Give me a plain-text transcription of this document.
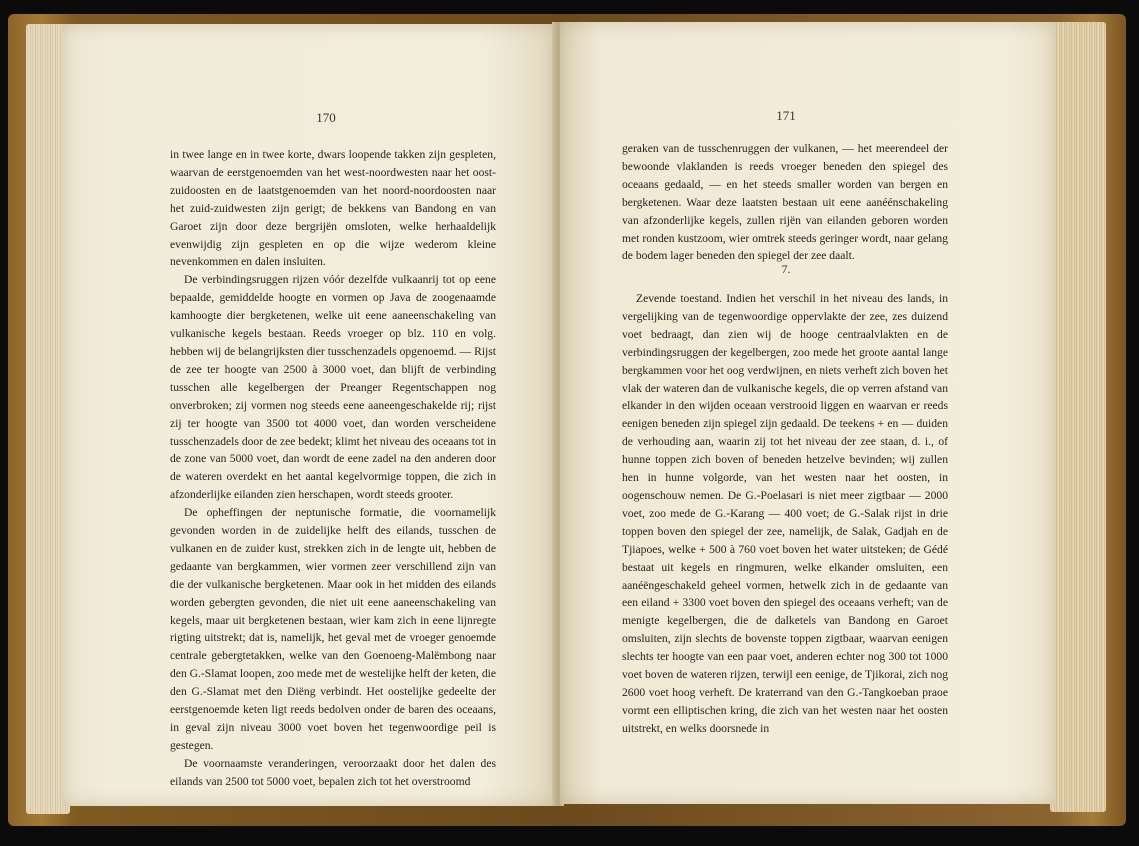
170

in twee lange en in twee korte, dwars loopende takken zijn gespleten, waarvan de eerstgenoemden van het west-noordwesten naar het oost-zuidoosten en de laatstgenoemden van het noord-noordoosten naar het zuid-zuidwesten zijn gerigt; de bekkens van Bandong en van Garoet zijn door deze bergrijën omsloten, welke herhaaldelijk evenwijdig zijn gespleten en op die wijze wederom kleine nevenkommen en dalen insluiten.

De verbindingsruggen rijzen vóór dezelfde vulkaanrij tot op eene bepaalde, gemiddelde hoogte en vormen op Java de zoogenaamde kamhoogte dier bergketenen, welke uit eene aaneenschakeling van vulkanische kegels bestaan. Reeds vroeger op blz. 110 en volg. hebben wij de belangrijksten dier tusschenzadels opgenoemd. — Rijst de zee ter hoogte van 2500 à 3000 voet, dan blijft de verbinding tusschen alle kegelbergen der Preanger Regentschappen nog onverbroken; zij vormen nog steeds eene aaneengeschakelde rij; rijst zij ter hoogte van 3500 tot 4000 voet, dan worden verscheidene tusschenzadels door de zee bedekt; klimt het niveau des oceaans tot in de zone van 5000 voet, dan wordt de eene zadel na den anderen door de wateren overdekt en het aantal kegelvormige toppen, die zich in afzonderlijke eilanden zien herschapen, wordt steeds grooter.

De opheffingen der neptunische formatie, die voornamelijk gevonden worden in de zuidelijke helft des eilands, tusschen de vulkanen en de zuider kust, strekken zich in de lengte uit, hebben de gedaante van bergkammen, wier vormen zeer verschillend zijn van die der vulkanische bergketenen. Maar ook in het midden des eilands worden gebergten gevonden, die niet uit eene aaneenschakeling van kegels, maar uit bergketenen bestaan, wier kam zich in eene lijnregte rigting uitstrekt; dat is, namelijk, het geval met de vroeger genoemde centrale gebergtetakken, welke van den Goenoeng-Malëmbong naar den G.-Slamat loopen, zoo mede met de westelijke helft der keten, die den G.-Slamat met den Diëng verbindt. Het oostelijke gedeelte der eerstgenoemde keten ligt reeds bedolven onder de baren des oceaans, in geval zijn niveau 3000 voet boven het tegenwoordige peil is gestegen.

De voornaamste veranderingen, veroorzaakt door het dalen des eilands van 2500 tot 5000 voet, bepalen zich tot het overstroomd

171

geraken van de tusschenruggen der vulkanen, — het meerendeel der bewoonde vlaklanden is reeds vroeger beneden den spiegel des oceaans gedaald, — en het steeds smaller worden van bergen en bergketenen. Waar deze laatsten bestaan uit eene aanéénschakeling van afzonderlijke kegels, zullen rijën van eilanden geboren worden met ronden kustzoom, wier omtrek steeds geringer wordt, naar gelang de bodem lager beneden den spiegel der zee daalt.

7.

Zevende toestand. Indien het verschil in het niveau des lands, in vergelijking van de tegenwoordige oppervlakte der zee, zes duizend voet bedraagt, dan zien wij de hooge centraalvlakten en de verbindingsruggen der kegelbergen, zoo mede het groote aantal lange bergkammen voor het oog verdwijnen, en niets verheft zich boven het vlak der wateren dan de vulkanische kegels, die op verren afstand van elkander in den wijden oceaan verstrooid liggen en waarvan er reeds eenigen beneden zijn spiegel zijn gedaald. De teekens + en — duiden de verhouding aan, waarin zij tot het niveau der zee staan, d. i., of hunne toppen zich boven of beneden hetzelve bevinden; wij zullen hen in hunne volgorde, van het westen naar het oosten, in oogenschouw nemen. De G.-Poelasari is niet meer zigtbaar — 2000 voet, zoo mede de G.-Karang — 400 voet; de G.-Salak rijst in drie toppen boven den spiegel der zee, namelijk, de Salak, Gadjah en de Tjiapoes, welke + 500 à 760 voet boven het water uitsteken; de Gédé bestaat uit kegels en ringmuren, welke elkander omsluiten, een aanéëngeschakeld geheel vormen, hetwelk zich in de gedaante van een eiland + 3300 voet boven den spiegel des oceaans verheft; van de menigte kegelbergen, die de dalketels van Bandong en Garoet omsluiten, zijn slechts de bovenste toppen zigtbaar, waarvan eenigen slechts ter hoogte van een paar voet, anderen echter nog 300 tot 1000 voet boven de wateren rijzen, terwijl een eenige, de Tjikorai, zich nog 2600 voet hoog verheft. De kraterrand van den G.-Tangkoeban praoe vormt een elliptischen kring, die zich van het westen naar het oosten uitstrekt, en welks doorsnede in
